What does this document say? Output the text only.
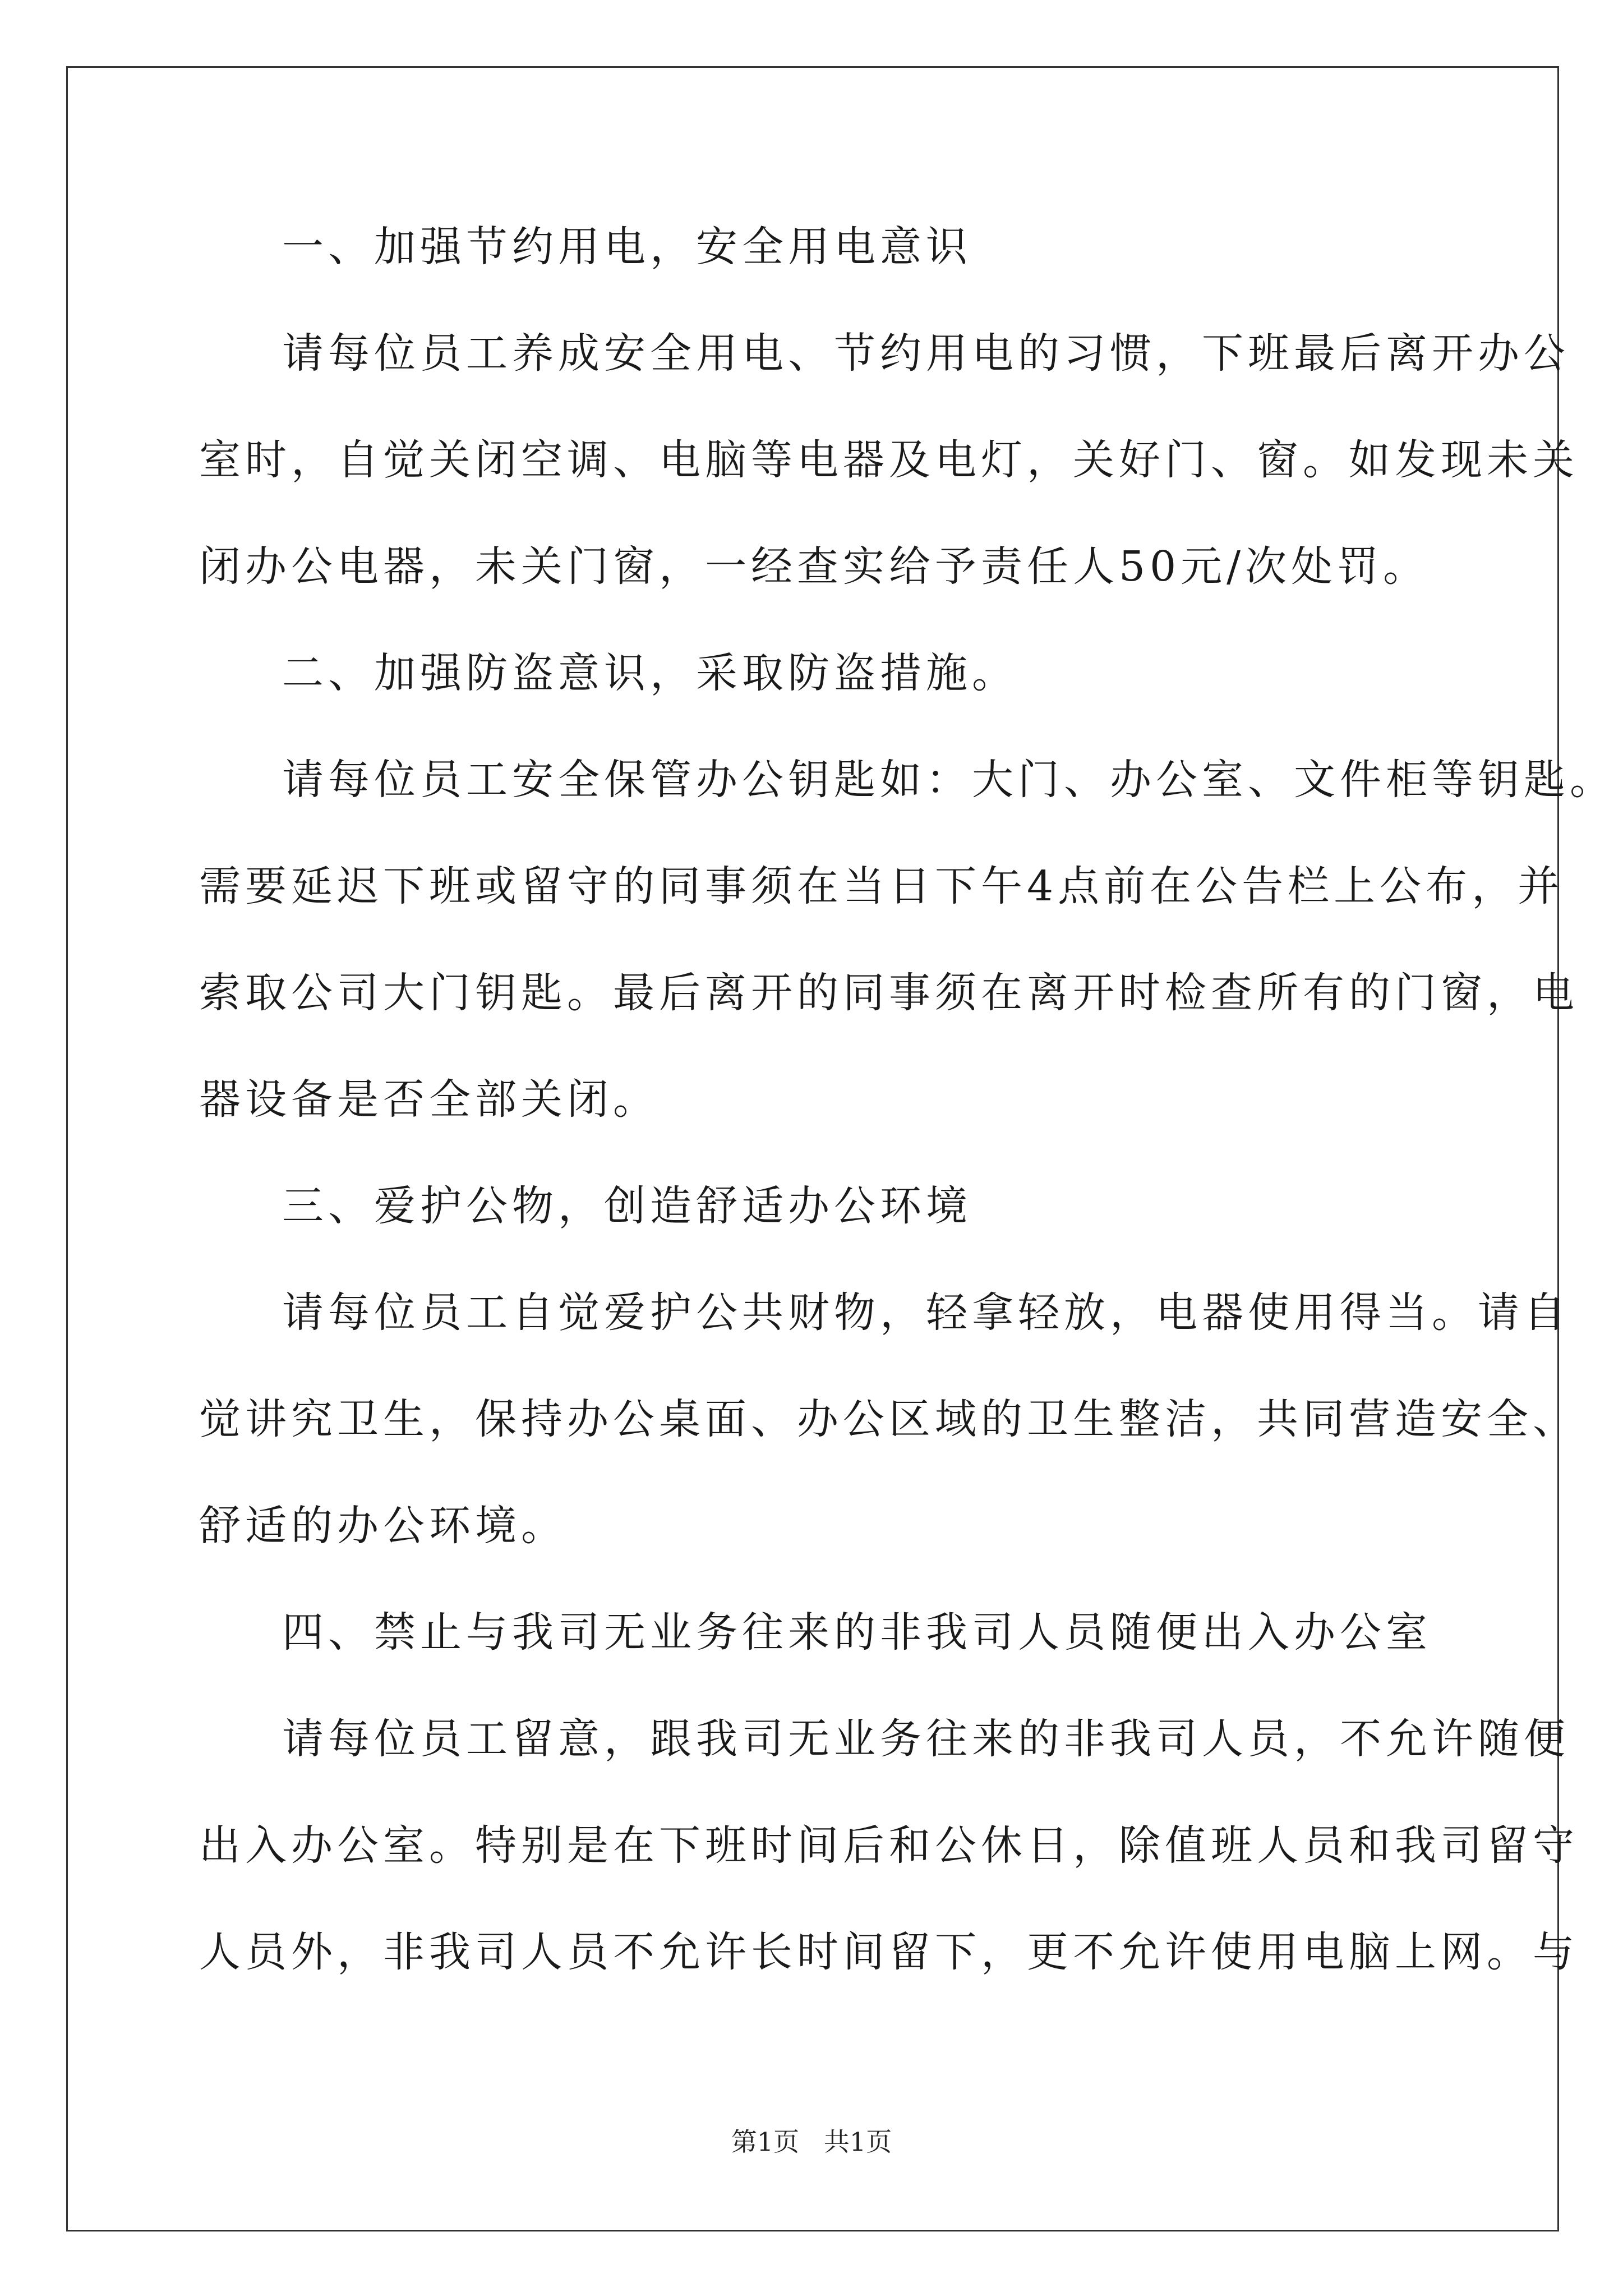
一、加强节约用电，安全用电意识
请每位员工养成安全用电、节约用电的习惯，下班最后离开办公
室时，自觉关闭空调、电脑等电器及电灯，关好门、窗。如发现未关
闭办公电器，未关门窗，一经查实给予责任人50元/次处罚。
二、加强防盗意识，采取防盗措施。
请每位员工安全保管办公钥匙如：大门、办公室、文件柜等钥匙。
需要延迟下班或留守的同事须在当日下午4点前在公告栏上公布，并
索取公司大门钥匙。最后离开的同事须在离开时检查所有的门窗，电
器设备是否全部关闭。
三、爱护公物，创造舒适办公环境
请每位员工自觉爱护公共财物，轻拿轻放，电器使用得当。请自
觉讲究卫生，保持办公桌面、办公区域的卫生整洁，共同营造安全、
舒适的办公环境。
四、禁止与我司无业务往来的非我司人员随便出入办公室
请每位员工留意，跟我司无业务往来的非我司人员，不允许随便
出入办公室。特别是在下班时间后和公休日，除值班人员和我司留守
人员外，非我司人员不允许长时间留下，更不允许使用电脑上网。与
第1页   共1页
